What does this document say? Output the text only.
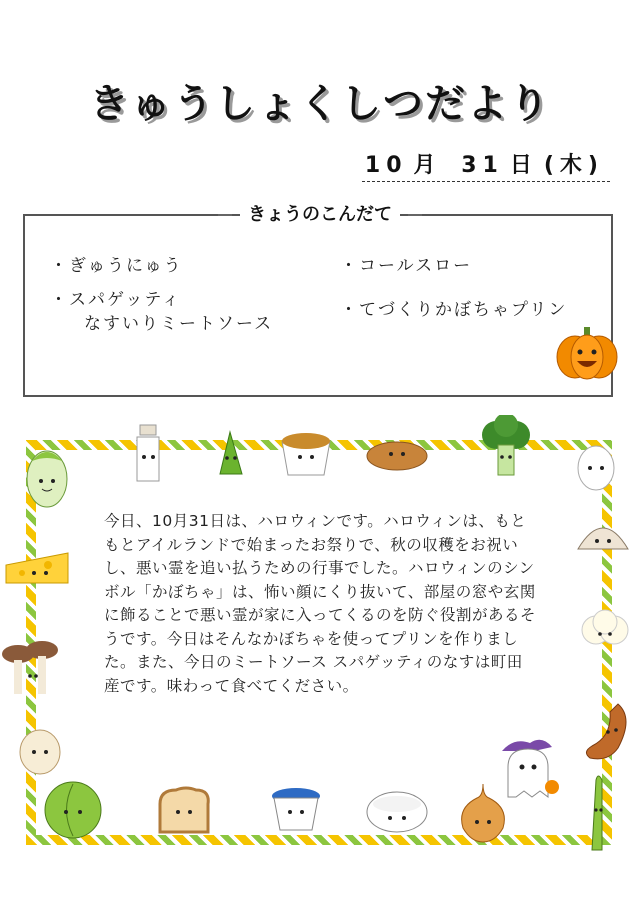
きゅうしょくしつだより
10 月 31 日 (木)
きょうのこんだて
・ぎゅうにゅう
・スパゲッティ
なすいりミートソース
・コールスロー
・てづくりかぼちゃプリン
今日、10月31日は、ハロウィンです。ハロウィンは、もともとアイルランドで始まったお祭りで、秋の収穫をお祝いし、悪い霊を追い払うための行事でした。ハロウィンのシンボル「かぼちゃ」は、怖い顔にくり抜いて、部屋の窓や玄関に飾ることで悪い霊が家に入ってくるのを防ぐ役割があるそうです。今日はそんなかぼちゃを使ってプリンを作りました。また、今日のミートソース スパゲッティのなすは町田産です。味わって食べてください。
